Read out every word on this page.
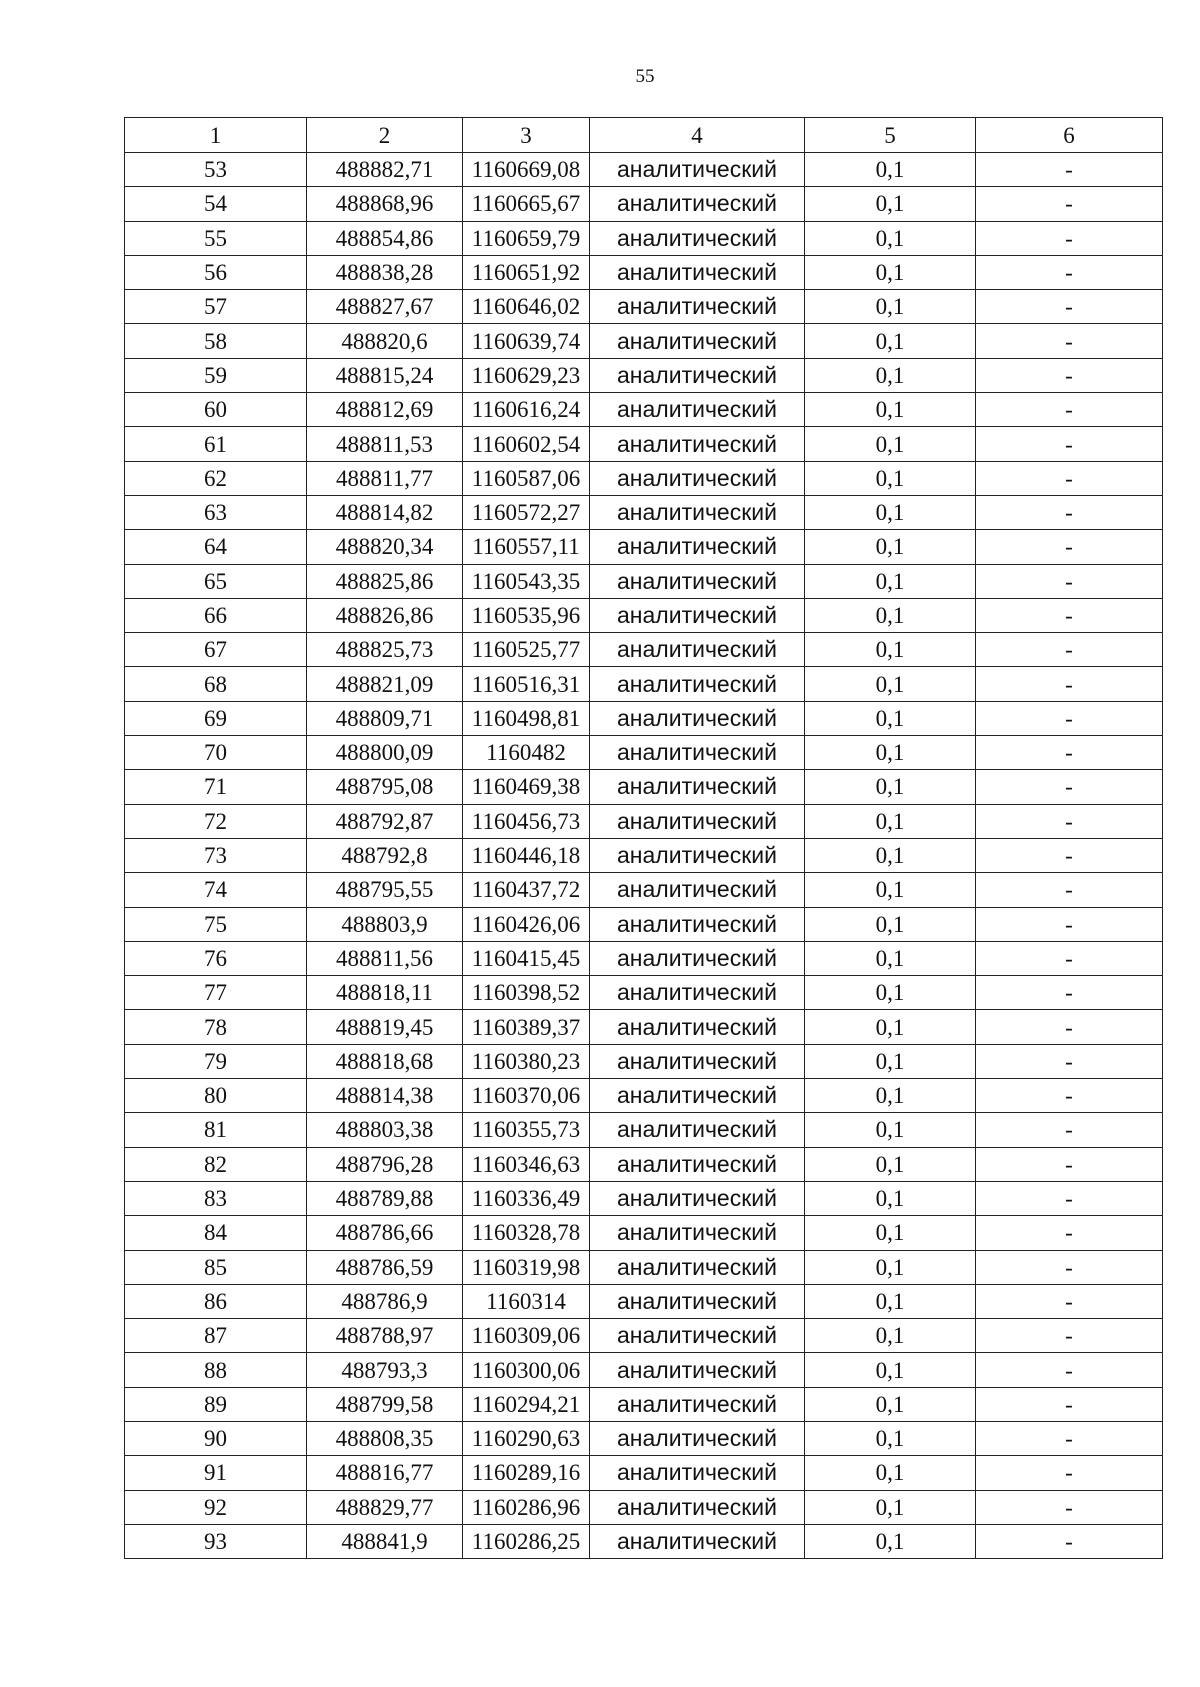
55
1	2	3	4	5	6
53	488882,71	1160669,08	аналитический	0,1	-
54	488868,96	1160665,67	аналитический	0,1	-
55	488854,86	1160659,79	аналитический	0,1	-
56	488838,28	1160651,92	аналитический	0,1	-
57	488827,67	1160646,02	аналитический	0,1	-
58	488820,6	1160639,74	аналитический	0,1	-
59	488815,24	1160629,23	аналитический	0,1	-
60	488812,69	1160616,24	аналитический	0,1	-
61	488811,53	1160602,54	аналитический	0,1	-
62	488811,77	1160587,06	аналитический	0,1	-
63	488814,82	1160572,27	аналитический	0,1	-
64	488820,34	1160557,11	аналитический	0,1	-
65	488825,86	1160543,35	аналитический	0,1	-
66	488826,86	1160535,96	аналитический	0,1	-
67	488825,73	1160525,77	аналитический	0,1	-
68	488821,09	1160516,31	аналитический	0,1	-
69	488809,71	1160498,81	аналитический	0,1	-
70	488800,09	1160482	аналитический	0,1	-
71	488795,08	1160469,38	аналитический	0,1	-
72	488792,87	1160456,73	аналитический	0,1	-
73	488792,8	1160446,18	аналитический	0,1	-
74	488795,55	1160437,72	аналитический	0,1	-
75	488803,9	1160426,06	аналитический	0,1	-
76	488811,56	1160415,45	аналитический	0,1	-
77	488818,11	1160398,52	аналитический	0,1	-
78	488819,45	1160389,37	аналитический	0,1	-
79	488818,68	1160380,23	аналитический	0,1	-
80	488814,38	1160370,06	аналитический	0,1	-
81	488803,38	1160355,73	аналитический	0,1	-
82	488796,28	1160346,63	аналитический	0,1	-
83	488789,88	1160336,49	аналитический	0,1	-
84	488786,66	1160328,78	аналитический	0,1	-
85	488786,59	1160319,98	аналитический	0,1	-
86	488786,9	1160314	аналитический	0,1	-
87	488788,97	1160309,06	аналитический	0,1	-
88	488793,3	1160300,06	аналитический	0,1	-
89	488799,58	1160294,21	аналитический	0,1	-
90	488808,35	1160290,63	аналитический	0,1	-
91	488816,77	1160289,16	аналитический	0,1	-
92	488829,77	1160286,96	аналитический	0,1	-
93	488841,9	1160286,25	аналитический	0,1	-
